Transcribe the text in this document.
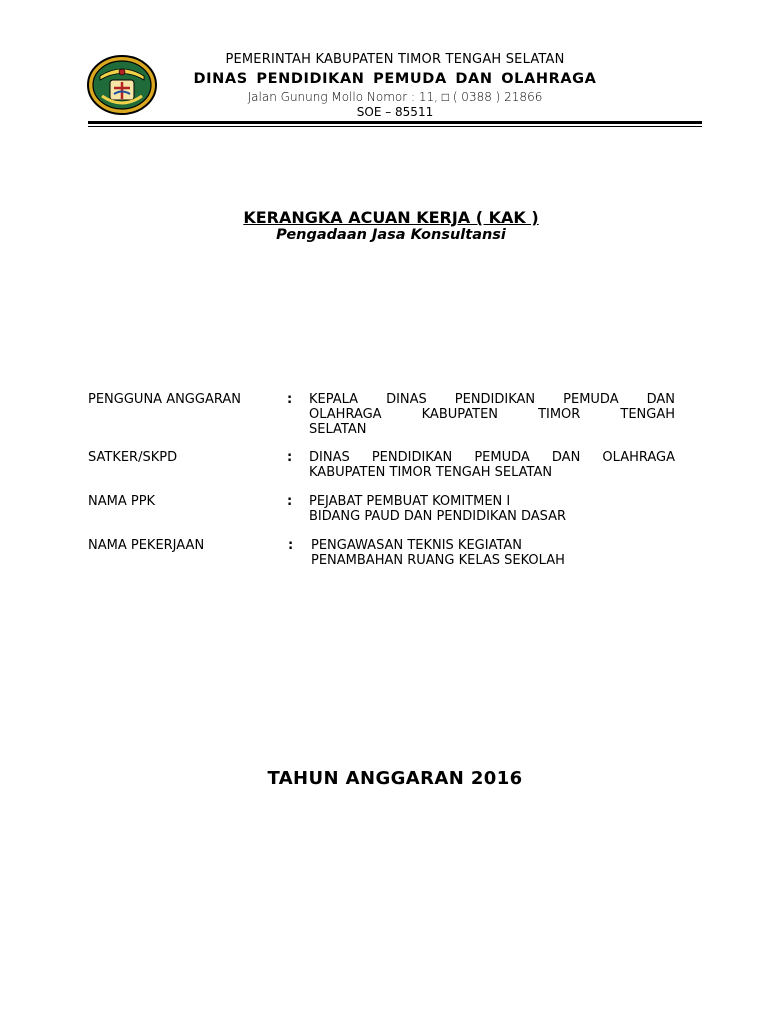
PEMERINTAH KABUPATEN TIMOR TENGAH SELATAN
DINAS PENDIDIKAN PEMUDA DAN OLAHRAGA
Jalan Gunung Mollo Nomor : 11, □ ( 0388 ) 21866
SOE – 85511
KERANGKA ACUAN KERJA ( KAK )
Pengadaan Jasa Konsultansi
PENGGUNA ANGGARAN	: KEPALA DINAS PENDIDIKAN PEMUDA DAN
OLAHRAGA KABUPATEN TIMOR TENGAH
SELATAN
SATKER/SKPD	: DINAS PENDIDIKAN PEMUDA DAN OLAHRAGA
KABUPATEN TIMOR TENGAH SELATAN
NAMA PPK	: PEJABAT PEMBUAT KOMITMEN I
BIDANG PAUD DAN PENDIDIKAN DASAR
NAMA PEKERJAAN	: PENGAWASAN TEKNIS KEGIATAN
PENAMBAHAN RUANG KELAS SEKOLAH
TAHUN ANGGARAN 2016
